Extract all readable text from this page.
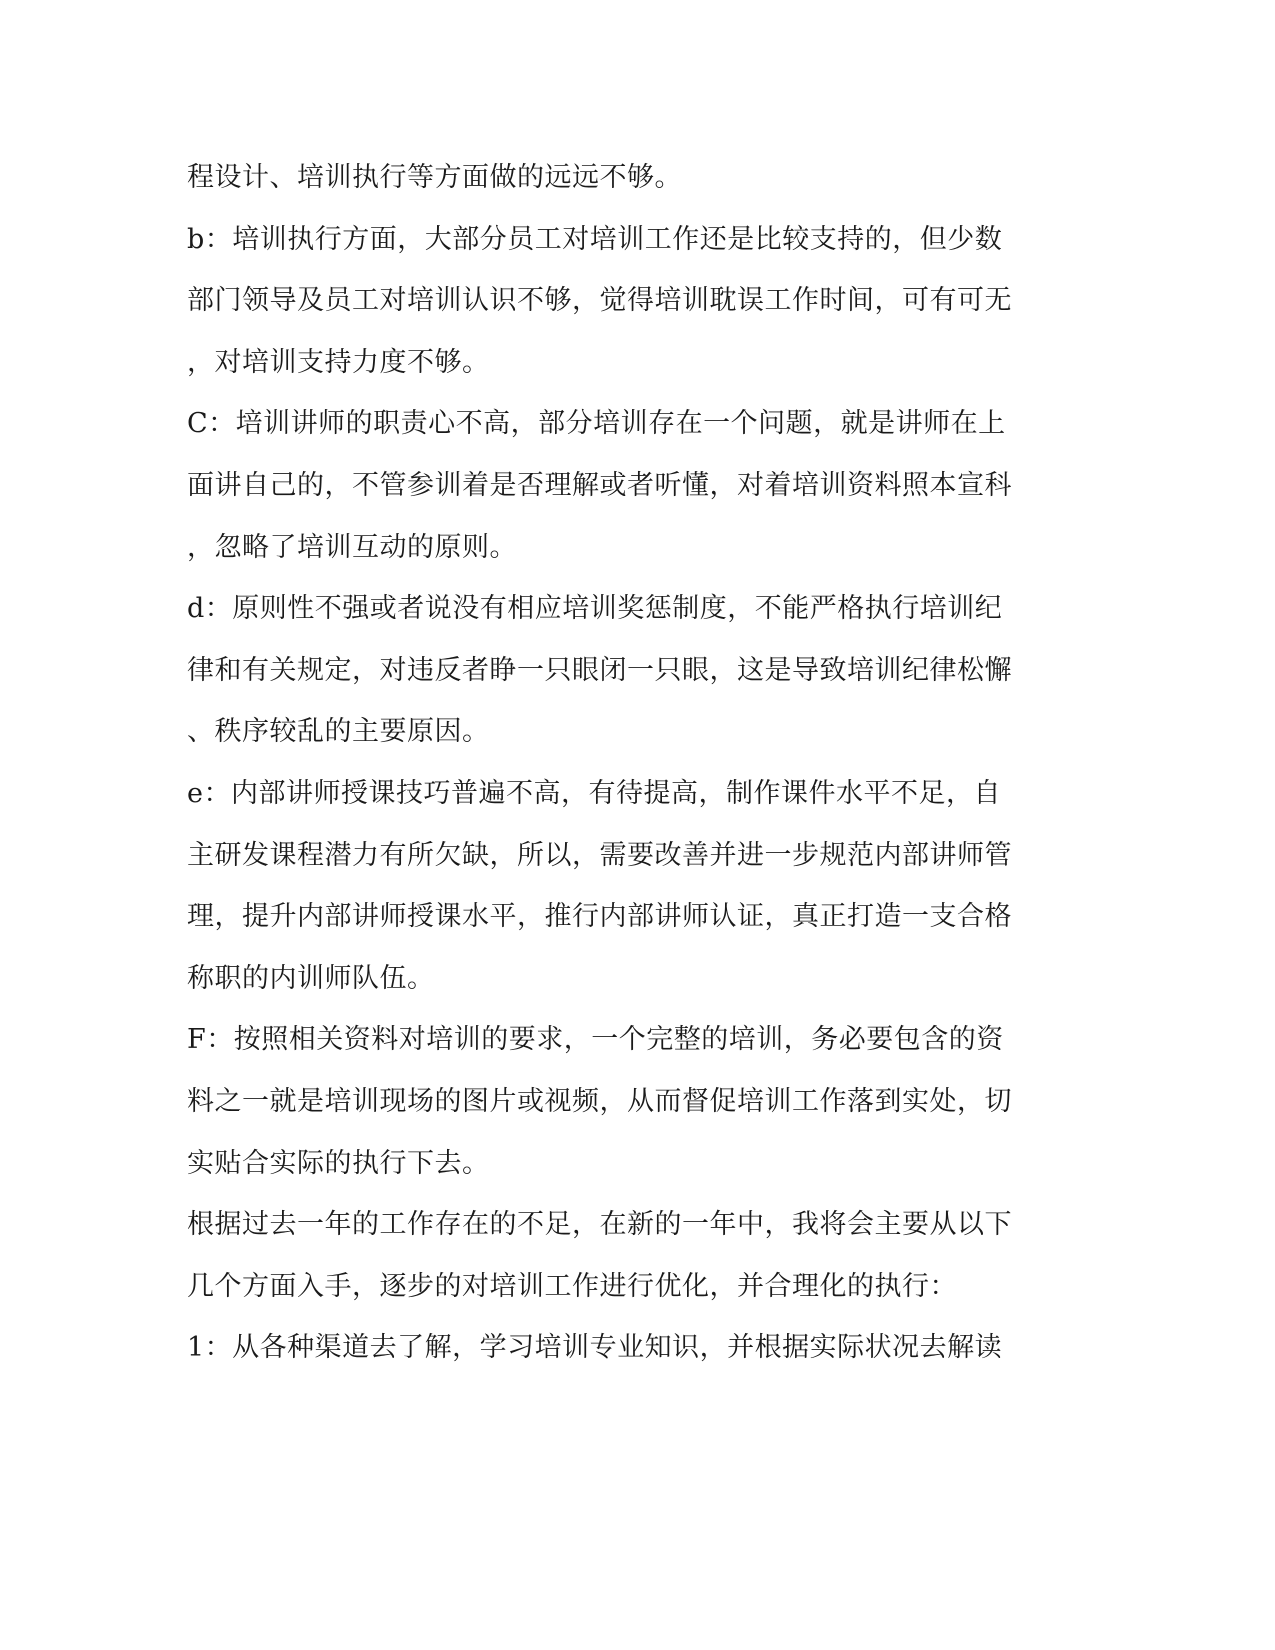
程设计、培训执行等方面做的远远不够。
b：培训执行方面，大部分员工对培训工作还是比较支持的，但少数
部门领导及员工对培训认识不够，觉得培训耽误工作时间，可有可无
，对培训支持力度不够。
C：培训讲师的职责心不高，部分培训存在一个问题，就是讲师在上
面讲自己的，不管参训着是否理解或者听懂，对着培训资料照本宣科
，忽略了培训互动的原则。
d：原则性不强或者说没有相应培训奖惩制度，不能严格执行培训纪
律和有关规定，对违反者睁一只眼闭一只眼，这是导致培训纪律松懈
、秩序较乱的主要原因。
e：内部讲师授课技巧普遍不高，有待提高，制作课件水平不足，自
主研发课程潜力有所欠缺，所以，需要改善并进一步规范内部讲师管
理，提升内部讲师授课水平，推行内部讲师认证，真正打造一支合格
称职的内训师队伍。
F：按照相关资料对培训的要求，一个完整的培训，务必要包含的资
料之一就是培训现场的图片或视频，从而督促培训工作落到实处，切
实贴合实际的执行下去。
根据过去一年的工作存在的不足，在新的一年中，我将会主要从以下
几个方面入手，逐步的对培训工作进行优化，并合理化的执行：
1：从各种渠道去了解，学习培训专业知识，并根据实际状况去解读
